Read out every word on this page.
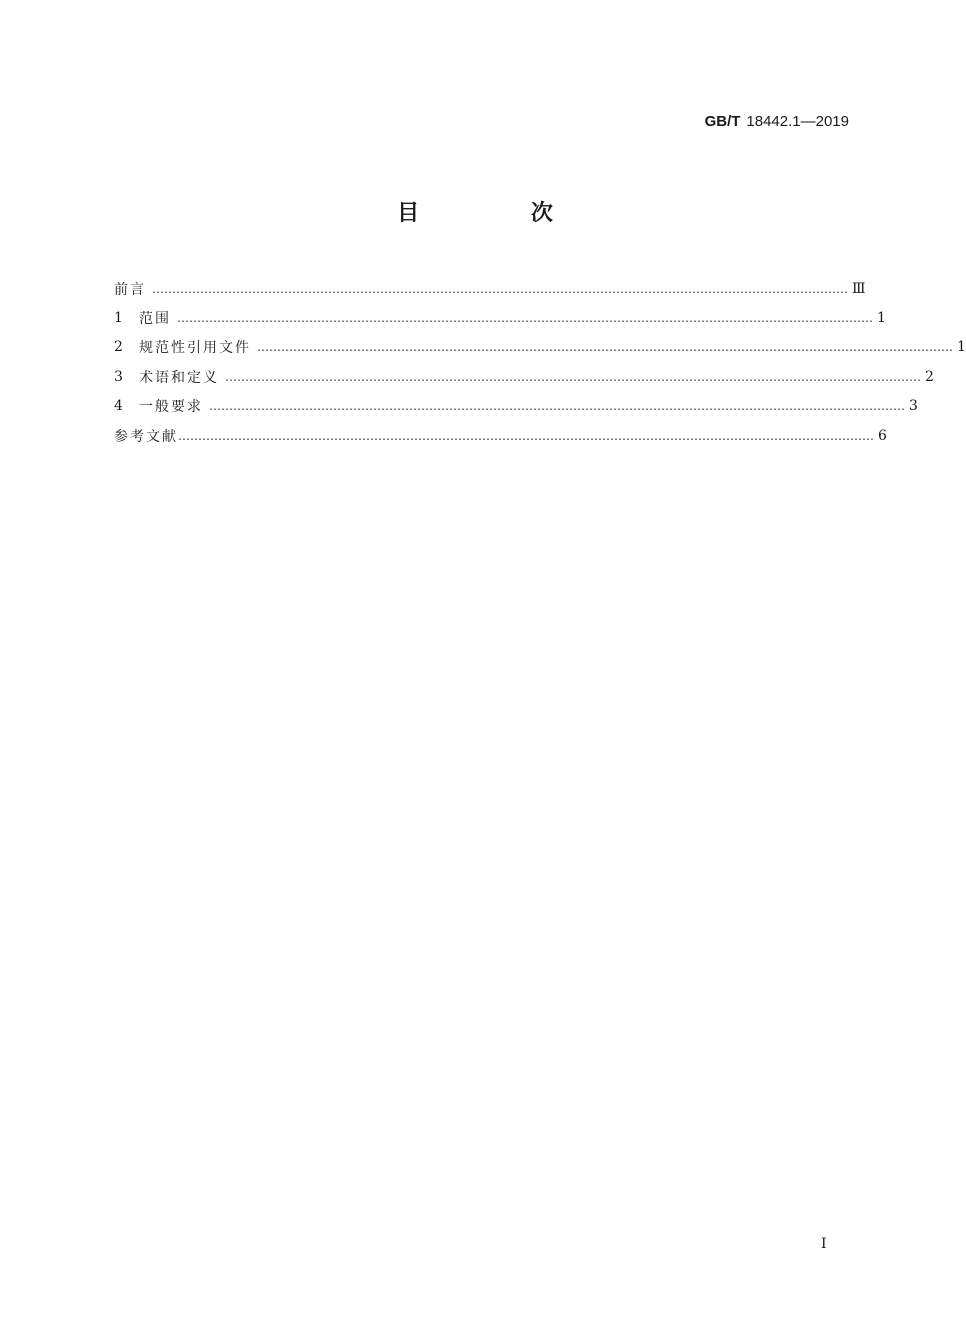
GB/T 18442.1—2019
目 次
前言 ………………………………………………………………………………………………………………………………………………………… Ⅲ
1	范围 ………………………………………………………………………………………………………………………………………………………… 1
2	规范性引用文件 ………………………………………………………………………………………………………………………………………………………… 1
3	术语和定义 ………………………………………………………………………………………………………………………………………………………… 2
4	一般要求 ………………………………………………………………………………………………………………………………………………………… 3
参考文献 ………………………………………………………………………………………………………………………………………………………… 6
I
